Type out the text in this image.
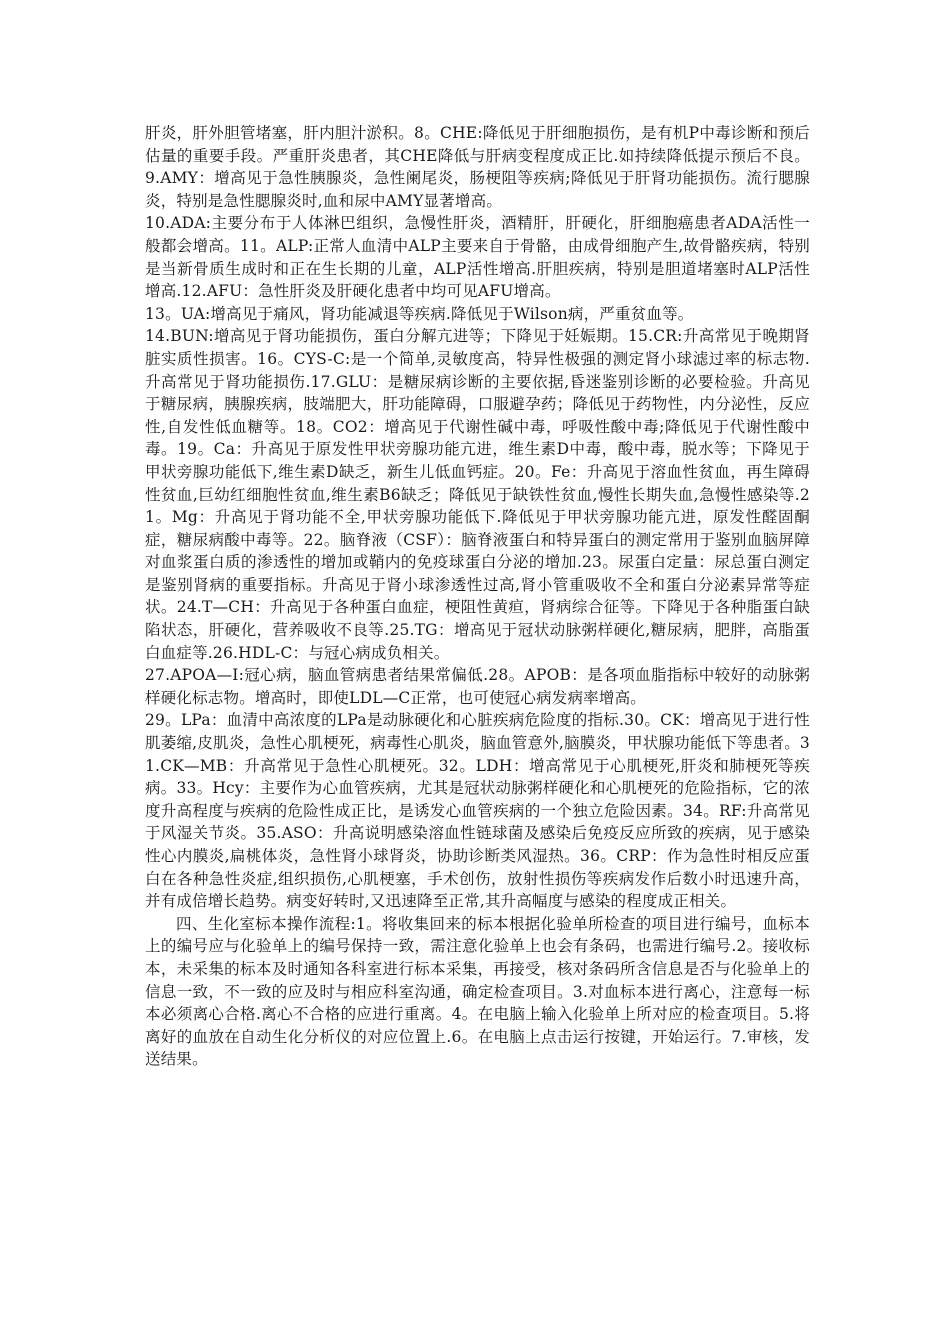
肝炎，肝外胆管堵塞，肝内胆汁淤积。8。CHE:降低见于肝细胞损伤，是有机P中毒诊断和预后估量的重要手段。严重肝炎患者，其CHE降低与肝病变程度成正比.如持续降低提示预后不良。9.AMY：增高见于急性胰腺炎，急性阑尾炎，肠梗阻等疾病;降低见于肝肾功能损伤。流行腮腺炎，特别是急性腮腺炎时,血和尿中AMY显著增高。

10.ADA:主要分布于人体淋巴组织，急慢性肝炎，酒精肝，肝硬化，肝细胞癌患者ADA活性一般都会增高。11。ALP:正常人血清中ALP主要来自于骨骼，由成骨细胞产生,故骨骼疾病，特别是当新骨质生成时和正在生长期的儿童，ALP活性增高.肝胆疾病，特别是胆道堵塞时ALP活性增高.12.AFU：急性肝炎及肝硬化患者中均可见AFU增高。

13。UA:增高见于痛风，肾功能减退等疾病.降低见于Wilson病，严重贫血等。

14.BUN:增高见于肾功能损伤，蛋白分解亢进等；下降见于妊娠期。15.CR:升高常见于晚期肾脏实质性损害。16。CYS-C:是一个简单,灵敏度高，特异性极强的测定肾小球滤过率的标志物.升高常见于肾功能损伤.17.GLU：是糖尿病诊断的主要依据,昏迷鉴别诊断的必要检验。升高见于糖尿病，胰腺疾病，肢端肥大，肝功能障碍，口服避孕药；降低见于药物性，内分泌性，反应性,自发性低血糖等。18。CO2：增高见于代谢性碱中毒，呼吸性酸中毒;降低见于代谢性酸中毒。19。Ca：升高见于原发性甲状旁腺功能亢进，维生素D中毒，酸中毒，脱水等；下降见于甲状旁腺功能低下,维生素D缺乏，新生儿低血钙症。20。Fe：升高见于溶血性贫血，再生障碍性贫血,巨幼红细胞性贫血,维生素B6缺乏；降低见于缺铁性贫血,慢性长期失血,急慢性感染等.21。Mg：升高见于肾功能不全,甲状旁腺功能低下.降低见于甲状旁腺功能亢进，原发性醛固酮症，糖尿病酸中毒等。22。脑脊液（CSF）：脑脊液蛋白和特异蛋白的测定常用于鉴别血脑屏障对血浆蛋白质的渗透性的增加或鞘内的免疫球蛋白分泌的增加.23。尿蛋白定量：尿总蛋白测定是鉴别肾病的重要指标。升高见于肾小球渗透性过高,肾小管重吸收不全和蛋白分泌素异常等症状。24.T—CH：升高见于各种蛋白血症，梗阻性黄疸，肾病综合征等。下降见于各种脂蛋白缺陷状态，肝硬化，营养吸收不良等.25.TG：增高见于冠状动脉粥样硬化,糖尿病，肥胖，高脂蛋白血症等.26.HDL-C：与冠心病成负相关。

27.APOA—I:冠心病，脑血管病患者结果常偏低.28。APOB：是各项血脂指标中较好的动脉粥样硬化标志物。增高时，即使LDL—C正常，也可使冠心病发病率增高。

29。LPa：血清中高浓度的LPa是动脉硬化和心脏疾病危险度的指标.30。CK：增高见于进行性肌萎缩,皮肌炎，急性心肌梗死，病毒性心肌炎，脑血管意外,脑膜炎，甲状腺功能低下等患者。31.CK—MB：升高常见于急性心肌梗死。32。LDH：增高常见于心肌梗死,肝炎和肺梗死等疾病。33。Hcy：主要作为心血管疾病，尤其是冠状动脉粥样硬化和心肌梗死的危险指标，它的浓度升高程度与疾病的危险性成正比，是诱发心血管疾病的一个独立危险因素。34。RF:升高常见于风湿关节炎。35.ASO：升高说明感染溶血性链球菌及感染后免疫反应所致的疾病，见于感染性心内膜炎,扁桃体炎，急性肾小球肾炎，协助诊断类风湿热。36。CRP：作为急性时相反应蛋白在各种急性炎症,组织损伤,心肌梗塞，手术创伤，放射性损伤等疾病发作后数小时迅速升高，并有成倍增长趋势。病变好转时,又迅速降至正常,其升高幅度与感染的程度成正相关。

四、生化室标本操作流程:1。将收集回来的标本根据化验单所检查的项目进行编号，血标本上的编号应与化验单上的编号保持一致，需注意化验单上也会有条码，也需进行编号.2。接收标本，未采集的标本及时通知各科室进行标本采集，再接受，核对条码所含信息是否与化验单上的信息一致，不一致的应及时与相应科室沟通，确定检查项目。3.对血标本进行离心，注意每一标本必须离心合格.离心不合格的应进行重离。4。在电脑上输入化验单上所对应的检查项目。5.将离好的血放在自动生化分析仪的对应位置上.6。在电脑上点击运行按键，开始运行。7.审核，发送结果。
